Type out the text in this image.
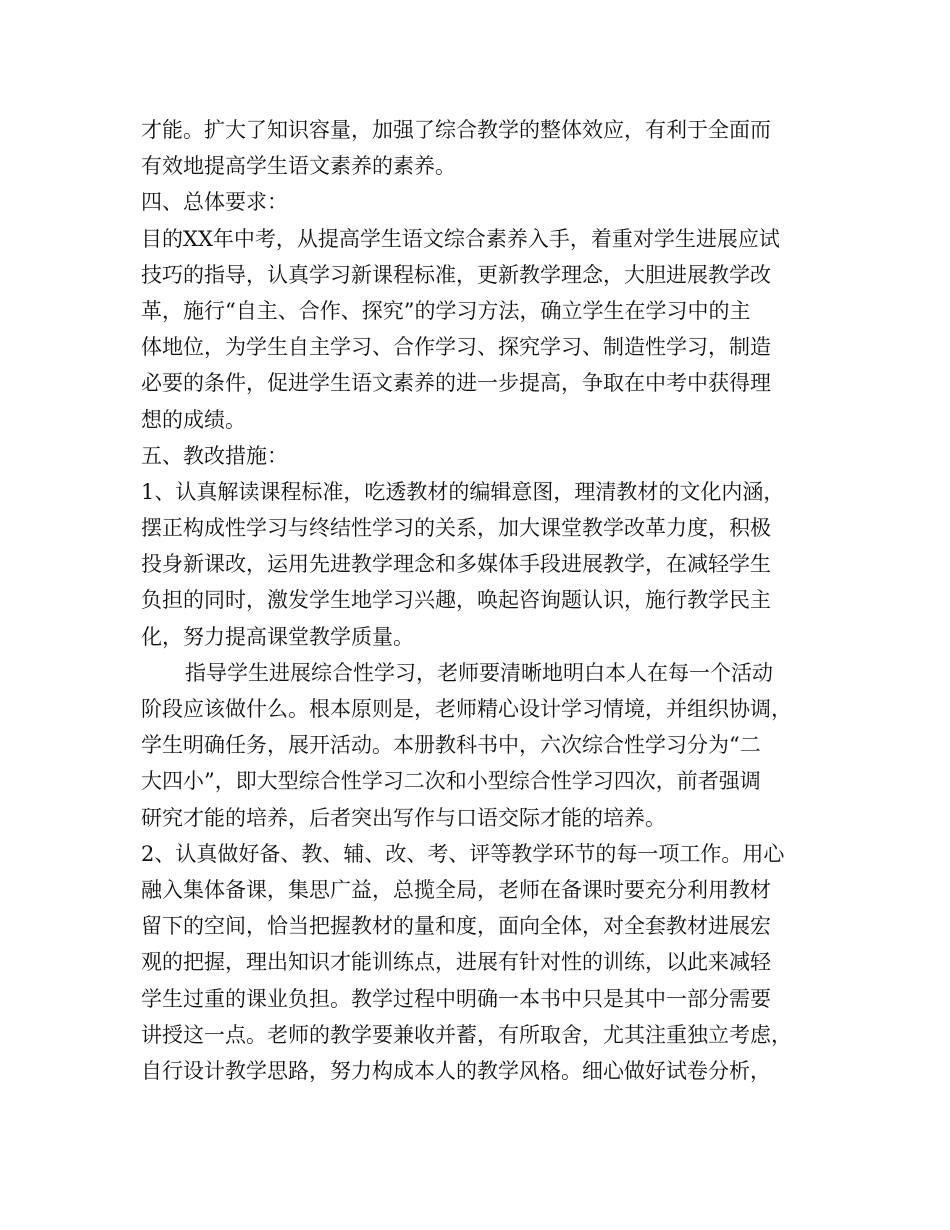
才能。扩大了知识容量，加强了综合教学的整体效应，有利于全面而
有效地提高学生语文素养的素养。
四、总体要求：
目的XX年中考，从提高学生语文综合素养入手，着重对学生进展应试
技巧的指导，认真学习新课程标准，更新教学理念，大胆进展教学改
革，施行“自主、合作、探究”的学习方法，确立学生在学习中的主
体地位，为学生自主学习、合作学习、探究学习、制造性学习，制造
必要的条件，促进学生语文素养的进一步提高，争取在中考中获得理
想的成绩。
五、教改措施：
1、认真解读课程标准，吃透教材的编辑意图，理清教材的文化内涵，
摆正构成性学习与终结性学习的关系，加大课堂教学改革力度，积极
投身新课改，运用先进教学理念和多媒体手段进展教学，在减轻学生
负担的同时，激发学生地学习兴趣，唤起咨询题认识，施行教学民主
化，努力提高课堂教学质量。
指导学生进展综合性学习，老师要清晰地明白本人在每一个活动
阶段应该做什么。根本原则是，老师精心设计学习情境，并组织协调，
学生明确任务，展开活动。本册教科书中，六次综合性学习分为“二
大四小”，即大型综合性学习二次和小型综合性学习四次，前者强调
研究才能的培养，后者突出写作与口语交际才能的培养。
2、认真做好备、教、辅、改、考、评等教学环节的每一项工作。用心
融入集体备课，集思广益，总揽全局，老师在备课时要充分利用教材
留下的空间，恰当把握教材的量和度，面向全体，对全套教材进展宏
观的把握，理出知识才能训练点，进展有针对性的训练，以此来减轻
学生过重的课业负担。教学过程中明确一本书中只是其中一部分需要
讲授这一点。老师的教学要兼收并蓄，有所取舍，尤其注重独立考虑，
自行设计教学思路，努力构成本人的教学风格。细心做好试卷分析，
